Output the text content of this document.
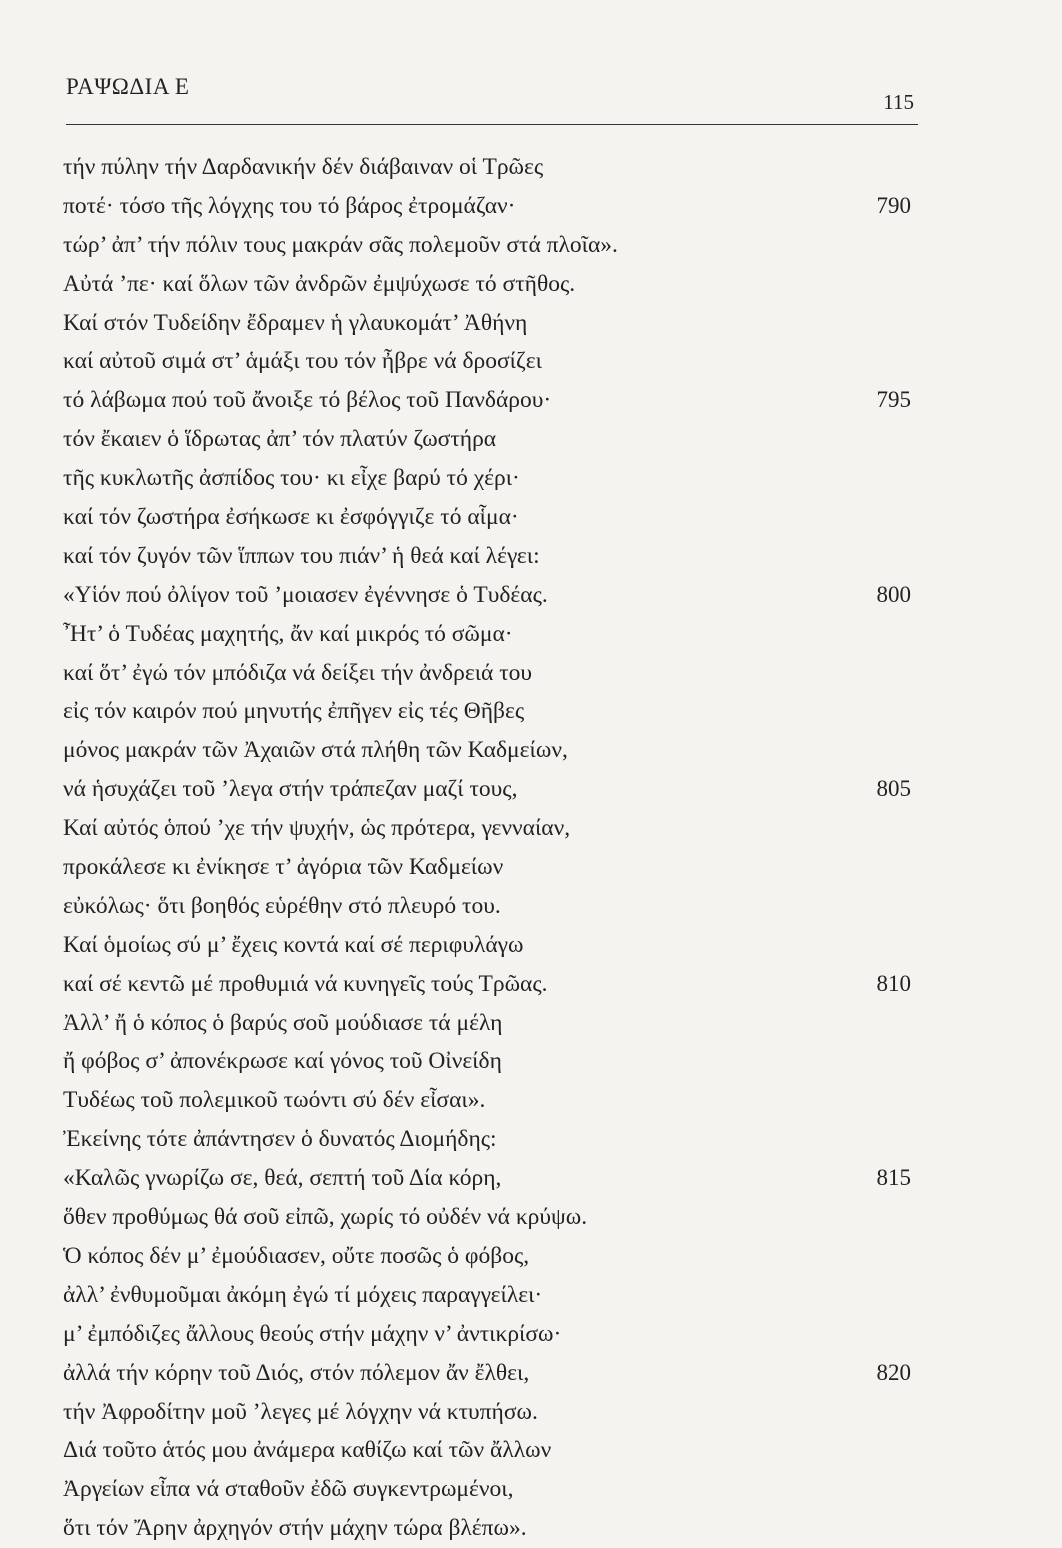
ΡΑΨΩΔΙΑ Ε
115
τήν πύλην τήν Δαρδανικήν δέν διάβαιναν οἱ Τρῶες
ποτέ· τόσο τῆς λόγχης του τό βάρος ἐτρομάζαν·	790
τώρ’ ἀπ’ τήν πόλιν τους μακράν σᾶς πολεμοῦν στά πλοῖα».
Αὐτά ’πε· καί ὅλων τῶν ἀνδρῶν ἐμψύχωσε τό στῆθος.
Καί στόν Τυδείδην ἔδραμεν ἡ γλαυκομάτ’ Ἀθήνη
καί αὐτοῦ σιμά στ’ ἁμάξι του τόν ἦβρε νά δροσίζει
τό λάβωμα πού τοῦ ἄνοιξε τό βέλος τοῦ Πανδάρου·	795
τόν ἔκαιεν ὁ ἵδρωτας ἀπ’ τόν πλατύν ζωστήρα
τῆς κυκλωτῆς ἀσπίδος του· κι εἶχε βαρύ τό χέρι·
καί τόν ζωστήρα ἐσήκωσε κι ἐσφόγγιζε τό αἷμα·
καί τόν ζυγόν τῶν ἵππων του πιάν’ ἡ θεά καί λέγει:
«Υἱόν πού ὀλίγον τοῦ ’μοιασεν ἐγέννησε ὁ Τυδέας.	800
Ἦτ’ ὁ Τυδέας μαχητής, ἄν καί μικρός τό σῶμα·
καί ὅτ’ ἐγώ τόν μπόδιζα νά δείξει τήν ἀνδρειά του
εἰς τόν καιρόν πού μηνυτής ἐπῆγεν εἰς τές Θῆβες
μόνος μακράν τῶν Ἀχαιῶν στά πλήθη τῶν Καδμείων,
νά ἡσυχάζει τοῦ ’λεγα στήν τράπεζαν μαζί τους,	805
Καί αὐτός ὁπού ’χε τήν ψυχήν, ὡς πρότερα, γενναίαν,
προκάλεσε κι ἐνίκησε τ’ ἀγόρια τῶν Καδμείων
εὐκόλως· ὅτι βοηθός εὑρέθην στό πλευρό του.
Καί ὁμοίως σύ μ’ ἔχεις κοντά καί σέ περιφυλάγω
καί σέ κεντῶ μέ προθυμιά νά κυνηγεῖς τούς Τρῶας.	810
Ἀλλ’ ἤ ὁ κόπος ὁ βαρύς σοῦ μούδιασε τά μέλη
ἤ φόβος σ’ ἀπονέκρωσε καί γόνος τοῦ Οἰνείδη
Τυδέως τοῦ πολεμικοῦ τωόντι σύ δέν εἶσαι».
Ἐκείνης τότε ἀπάντησεν ὁ δυνατός Διομήδης:
«Καλῶς γνωρίζω σε, θεά, σεπτή τοῦ Δία κόρη,	815
ὅθεν προθύμως θά σοῦ εἰπῶ, χωρίς τό οὐδέν νά κρύψω.
Ὁ κόπος δέν μ’ ἐμούδιασεν, οὔτε ποσῶς ὁ φόβος,
ἀλλ’ ἐνθυμοῦμαι ἀκόμη ἐγώ τί μόχεις παραγγείλει·
μ’ ἐμπόδιζες ἄλλους θεούς στήν μάχην ν’ ἀντικρίσω·
ἀλλά τήν κόρην τοῦ Διός, στόν πόλεμον ἄν ἔλθει,	820
τήν Ἀφροδίτην μοῦ ’λεγες μέ λόγχην νά κτυπήσω.
Διά τοῦτο ἁτός μου ἀνάμερα καθίζω καί τῶν ἄλλων
Ἀργείων εἶπα νά σταθοῦν ἐδῶ συγκεντρωμένοι,
ὅτι τόν Ἄρην ἀρχηγόν στήν μάχην τώρα βλέπω».
